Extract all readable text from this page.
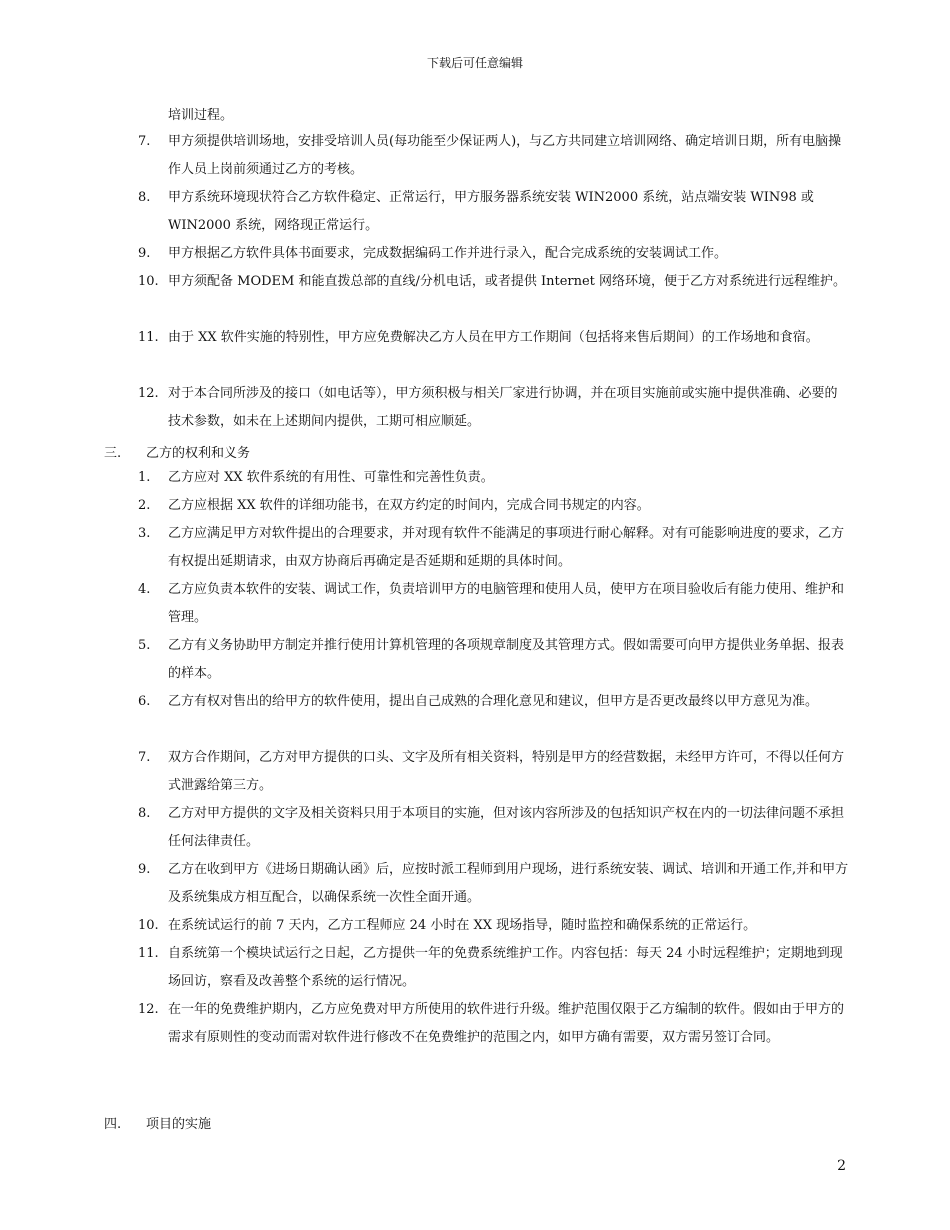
下载后可任意编辑
培训过程。
7. 甲方须提供培训场地，安排受培训人员(每功能至少保证两人)，与乙方共同建立培训网络、确定培训日期，所有电脑操作人员上岗前须通过乙方的考核。
8. 甲方系统环境现状符合乙方软件稳定、正常运行，甲方服务器系统安装 WIN2000 系统，站点端安装 WIN98 或 WIN2000 系统，网络现正常运行。
9. 甲方根据乙方软件具体书面要求，完成数据编码工作并进行录入，配合完成系统的安装调试工作。
10. 甲方须配备 MODEM 和能直拨总部的直线/分机电话，或者提供 Internet 网络环境，便于乙方对系统进行远程维护。
11. 由于 XX 软件实施的特别性，甲方应免费解决乙方人员在甲方工作期间（包括将来售后期间）的工作场地和食宿。
12. 对于本合同所涉及的接口（如电话等），甲方须积极与相关厂家进行协调，并在项目实施前或实施中提供准确、必要的技术参数，如未在上述期间内提供，工期可相应顺延。
三. 乙方的权利和义务
1. 乙方应对 XX 软件系统的有用性、可靠性和完善性负责。
2. 乙方应根据 XX 软件的详细功能书，在双方约定的时间内，完成合同书规定的内容。
3. 乙方应满足甲方对软件提出的合理要求，并对现有软件不能满足的事项进行耐心解释。对有可能影响进度的要求，乙方有权提出延期请求，由双方协商后再确定是否延期和延期的具体时间。
4. 乙方应负责本软件的安装、调试工作，负责培训甲方的电脑管理和使用人员，使甲方在项目验收后有能力使用、维护和管理。
5. 乙方有义务协助甲方制定并推行使用计算机管理的各项规章制度及其管理方式。假如需要可向甲方提供业务单据、报表的样本。
6. 乙方有权对售出的给甲方的软件使用，提出自己成熟的合理化意见和建议，但甲方是否更改最终以甲方意见为准。
7. 双方合作期间，乙方对甲方提供的口头、文字及所有相关资料，特别是甲方的经营数据，未经甲方许可，不得以任何方式泄露给第三方。
8. 乙方对甲方提供的文字及相关资料只用于本项目的实施，但对该内容所涉及的包括知识产权在内的一切法律问题不承担任何法律责任。
9. 乙方在收到甲方《进场日期确认函》后，应按时派工程师到用户现场，进行系统安装、调试、培训和开通工作,并和甲方及系统集成方相互配合，以确保系统一次性全面开通。
10. 在系统试运行的前 7 天内，乙方工程师应 24 小时在 XX 现场指导，随时监控和确保系统的正常运行。
11. 自系统第一个模块试运行之日起，乙方提供一年的免费系统维护工作。内容包括：每天 24 小时远程维护；定期地到现场回访，察看及改善整个系统的运行情况。
12. 在一年的免费维护期内，乙方应免费对甲方所使用的软件进行升级。维护范围仅限于乙方编制的软件。假如由于甲方的需求有原则性的变动而需对软件进行修改不在免费维护的范围之内，如甲方确有需要，双方需另签订合同。
四. 项目的实施
2
